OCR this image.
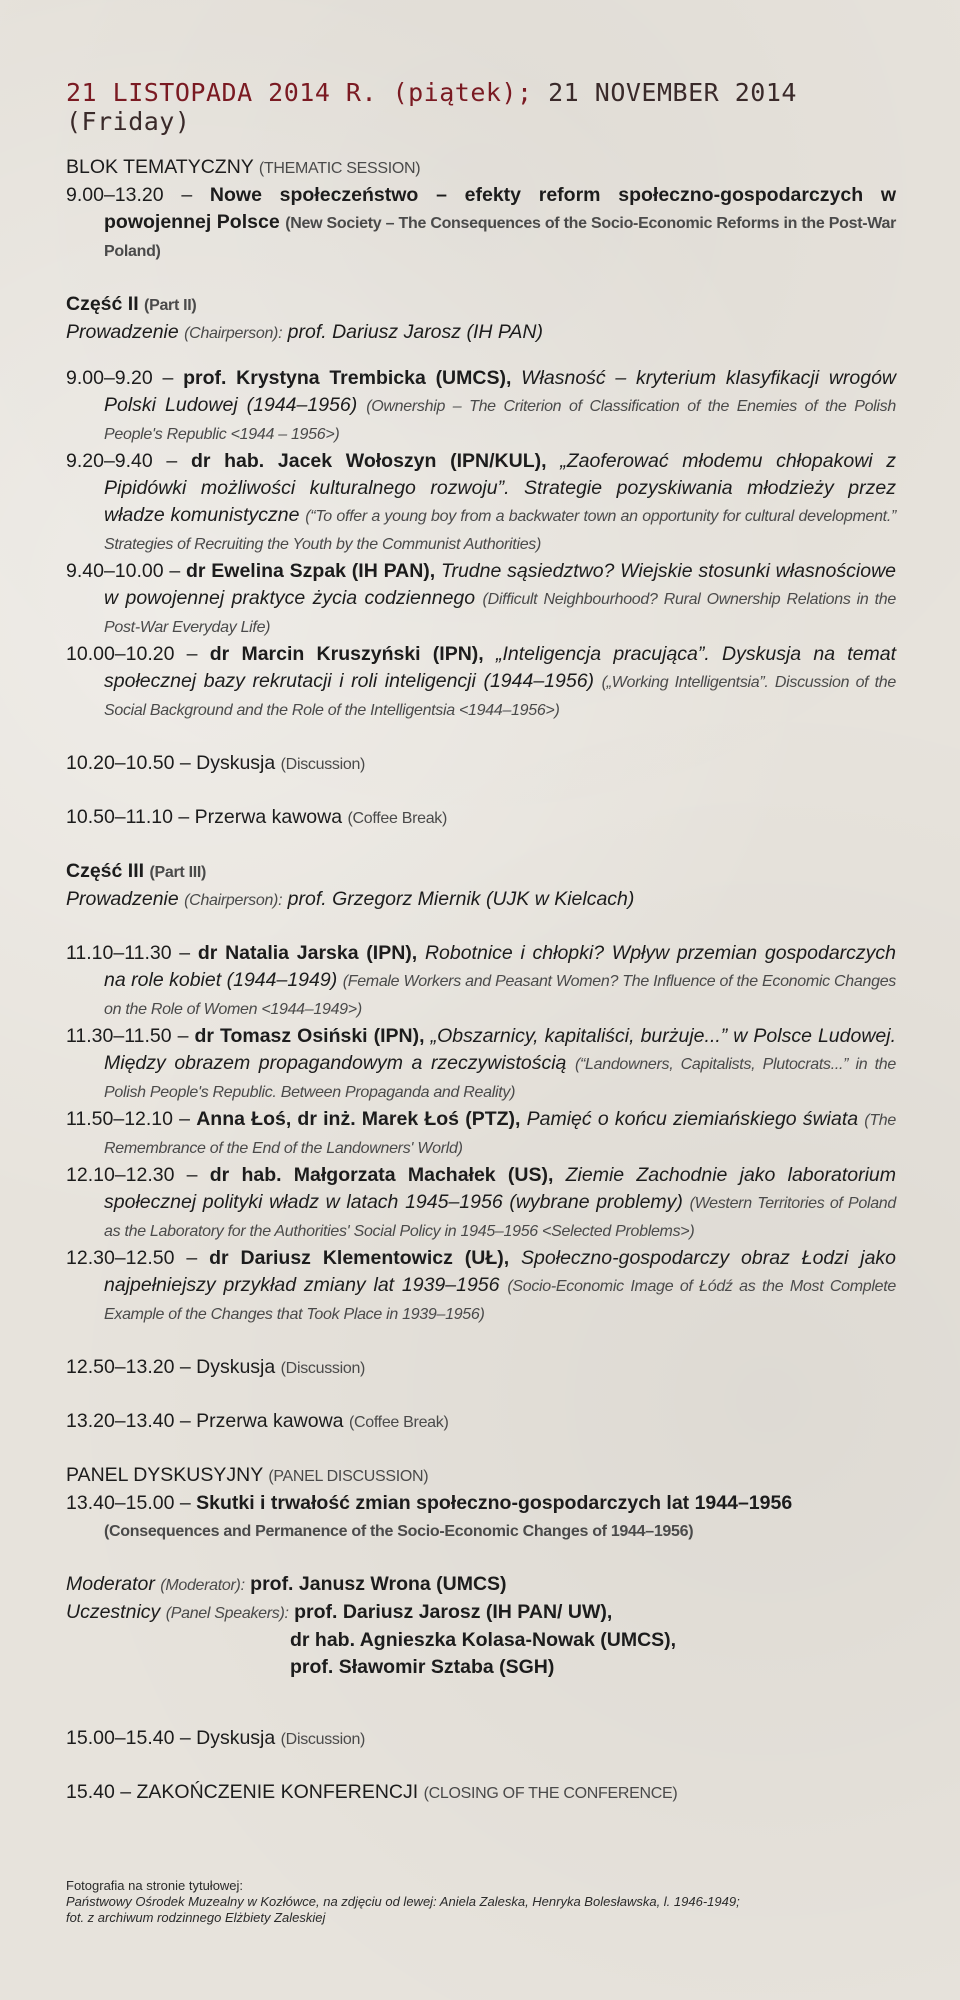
21 LISTOPADA 2014 R. (piątek); 21 NOVEMBER 2014 (Friday)
BLOK TEMATYCZNY (THEMATIC SESSION)
9.00–13.20 – Nowe społeczeństwo – efekty reform społeczno-gospodarczych w powojennej Polsce (New Society – The Consequences of the Socio-Economic Reforms in the Post-War Poland)
Część II (Part II)
Prowadzenie (Chairperson): prof. Dariusz Jarosz (IH PAN)
9.00–9.20 – prof. Krystyna Trembicka (UMCS), Własność – kryterium klasyfikacji wrogów Polski Ludowej (1944–1956) (Ownership – The Criterion of Classification of the Enemies of the Polish People's Republic <1944 – 1956>)
9.20–9.40 – dr hab. Jacek Wołoszyn (IPN/KUL), „Zaoferować młodemu chłopakowi z Pipidówki możliwości kulturalnego rozwoju”. Strategie pozyskiwania młodzieży przez władze komunistyczne (“To offer a young boy from a backwater town an opportunity for cultural development.” Strategies of Recruiting the Youth by the Communist Authorities)
9.40–10.00 – dr Ewelina Szpak (IH PAN), Trudne sąsiedztwo? Wiejskie stosunki własnościowe w powojennej praktyce życia codziennego (Difficult Neighbourhood? Rural Ownership Relations in the Post-War Everyday Life)
10.00–10.20 – dr Marcin Kruszyński (IPN), „Inteligencja pracująca”. Dyskusja na temat społecznej bazy rekrutacji i roli inteligencji (1944–1956) („Working Intelligentsia”. Discussion of the Social Background and the Role of the Intelligentsia <1944–1956>)
10.20–10.50 – Dyskusja (Discussion)
10.50–11.10 – Przerwa kawowa (Coffee Break)
Część III (Part III)
Prowadzenie (Chairperson): prof. Grzegorz Miernik (UJK w Kielcach)
11.10–11.30 – dr Natalia Jarska (IPN), Robotnice i chłopki? Wpływ przemian gospodarczych na role kobiet (1944–1949) (Female Workers and Peasant Women? The Influence of the Economic Changes on the Role of Women <1944–1949>)
11.30–11.50 – dr Tomasz Osiński (IPN), „Obszarnicy, kapitaliści, burżuje...” w Polsce Ludowej. Między obrazem propagandowym a rzeczywistością (“Landowners, Capitalists, Plutocrats...” in the Polish People's Republic. Between Propaganda and Reality)
11.50–12.10 – Anna Łoś, dr inż. Marek Łoś (PTZ), Pamięć o końcu ziemiańskiego świata (The Remembrance of the End of the Landowners' World)
12.10–12.30 – dr hab. Małgorzata Machałek (US), Ziemie Zachodnie jako laboratorium społecznej polityki władz w latach 1945–1956 (wybrane problemy) (Western Territories of Poland as the Laboratory for the Authorities' Social Policy in 1945–1956 <Selected Problems>)
12.30–12.50 – dr Dariusz Klementowicz (UŁ), Społeczno-gospodarczy obraz Łodzi jako najpełniejszy przykład zmiany lat 1939–1956 (Socio-Economic Image of Łódź as the Most Complete Example of the Changes that Took Place in 1939–1956)
12.50–13.20 – Dyskusja (Discussion)
13.20–13.40 – Przerwa kawowa (Coffee Break)
PANEL DYSKUSYJNY (PANEL DISCUSSION)
13.40–15.00 – Skutki i trwałość zmian społeczno-gospodarczych lat 1944–1956
(Consequences and Permanence of the Socio-Economic Changes of 1944–1956)
Moderator (Moderator): prof. Janusz Wrona (UMCS)
Uczestnicy (Panel Speakers): prof. Dariusz Jarosz (IH PAN/ UW),
dr hab. Agnieszka Kolasa-Nowak (UMCS),
prof. Sławomir Sztaba (SGH)
15.00–15.40 – Dyskusja (Discussion)
15.40 – ZAKOŃCZENIE KONFERENCJI (CLOSING OF THE CONFERENCE)
Fotografia na stronie tytułowej:
Państwowy Ośrodek Muzealny w Kozłówce, na zdjęciu od lewej: Aniela Zaleska, Henryka Bolesławska, l. 1946-1949;
fot. z archiwum rodzinnego Elżbiety Zaleskiej
